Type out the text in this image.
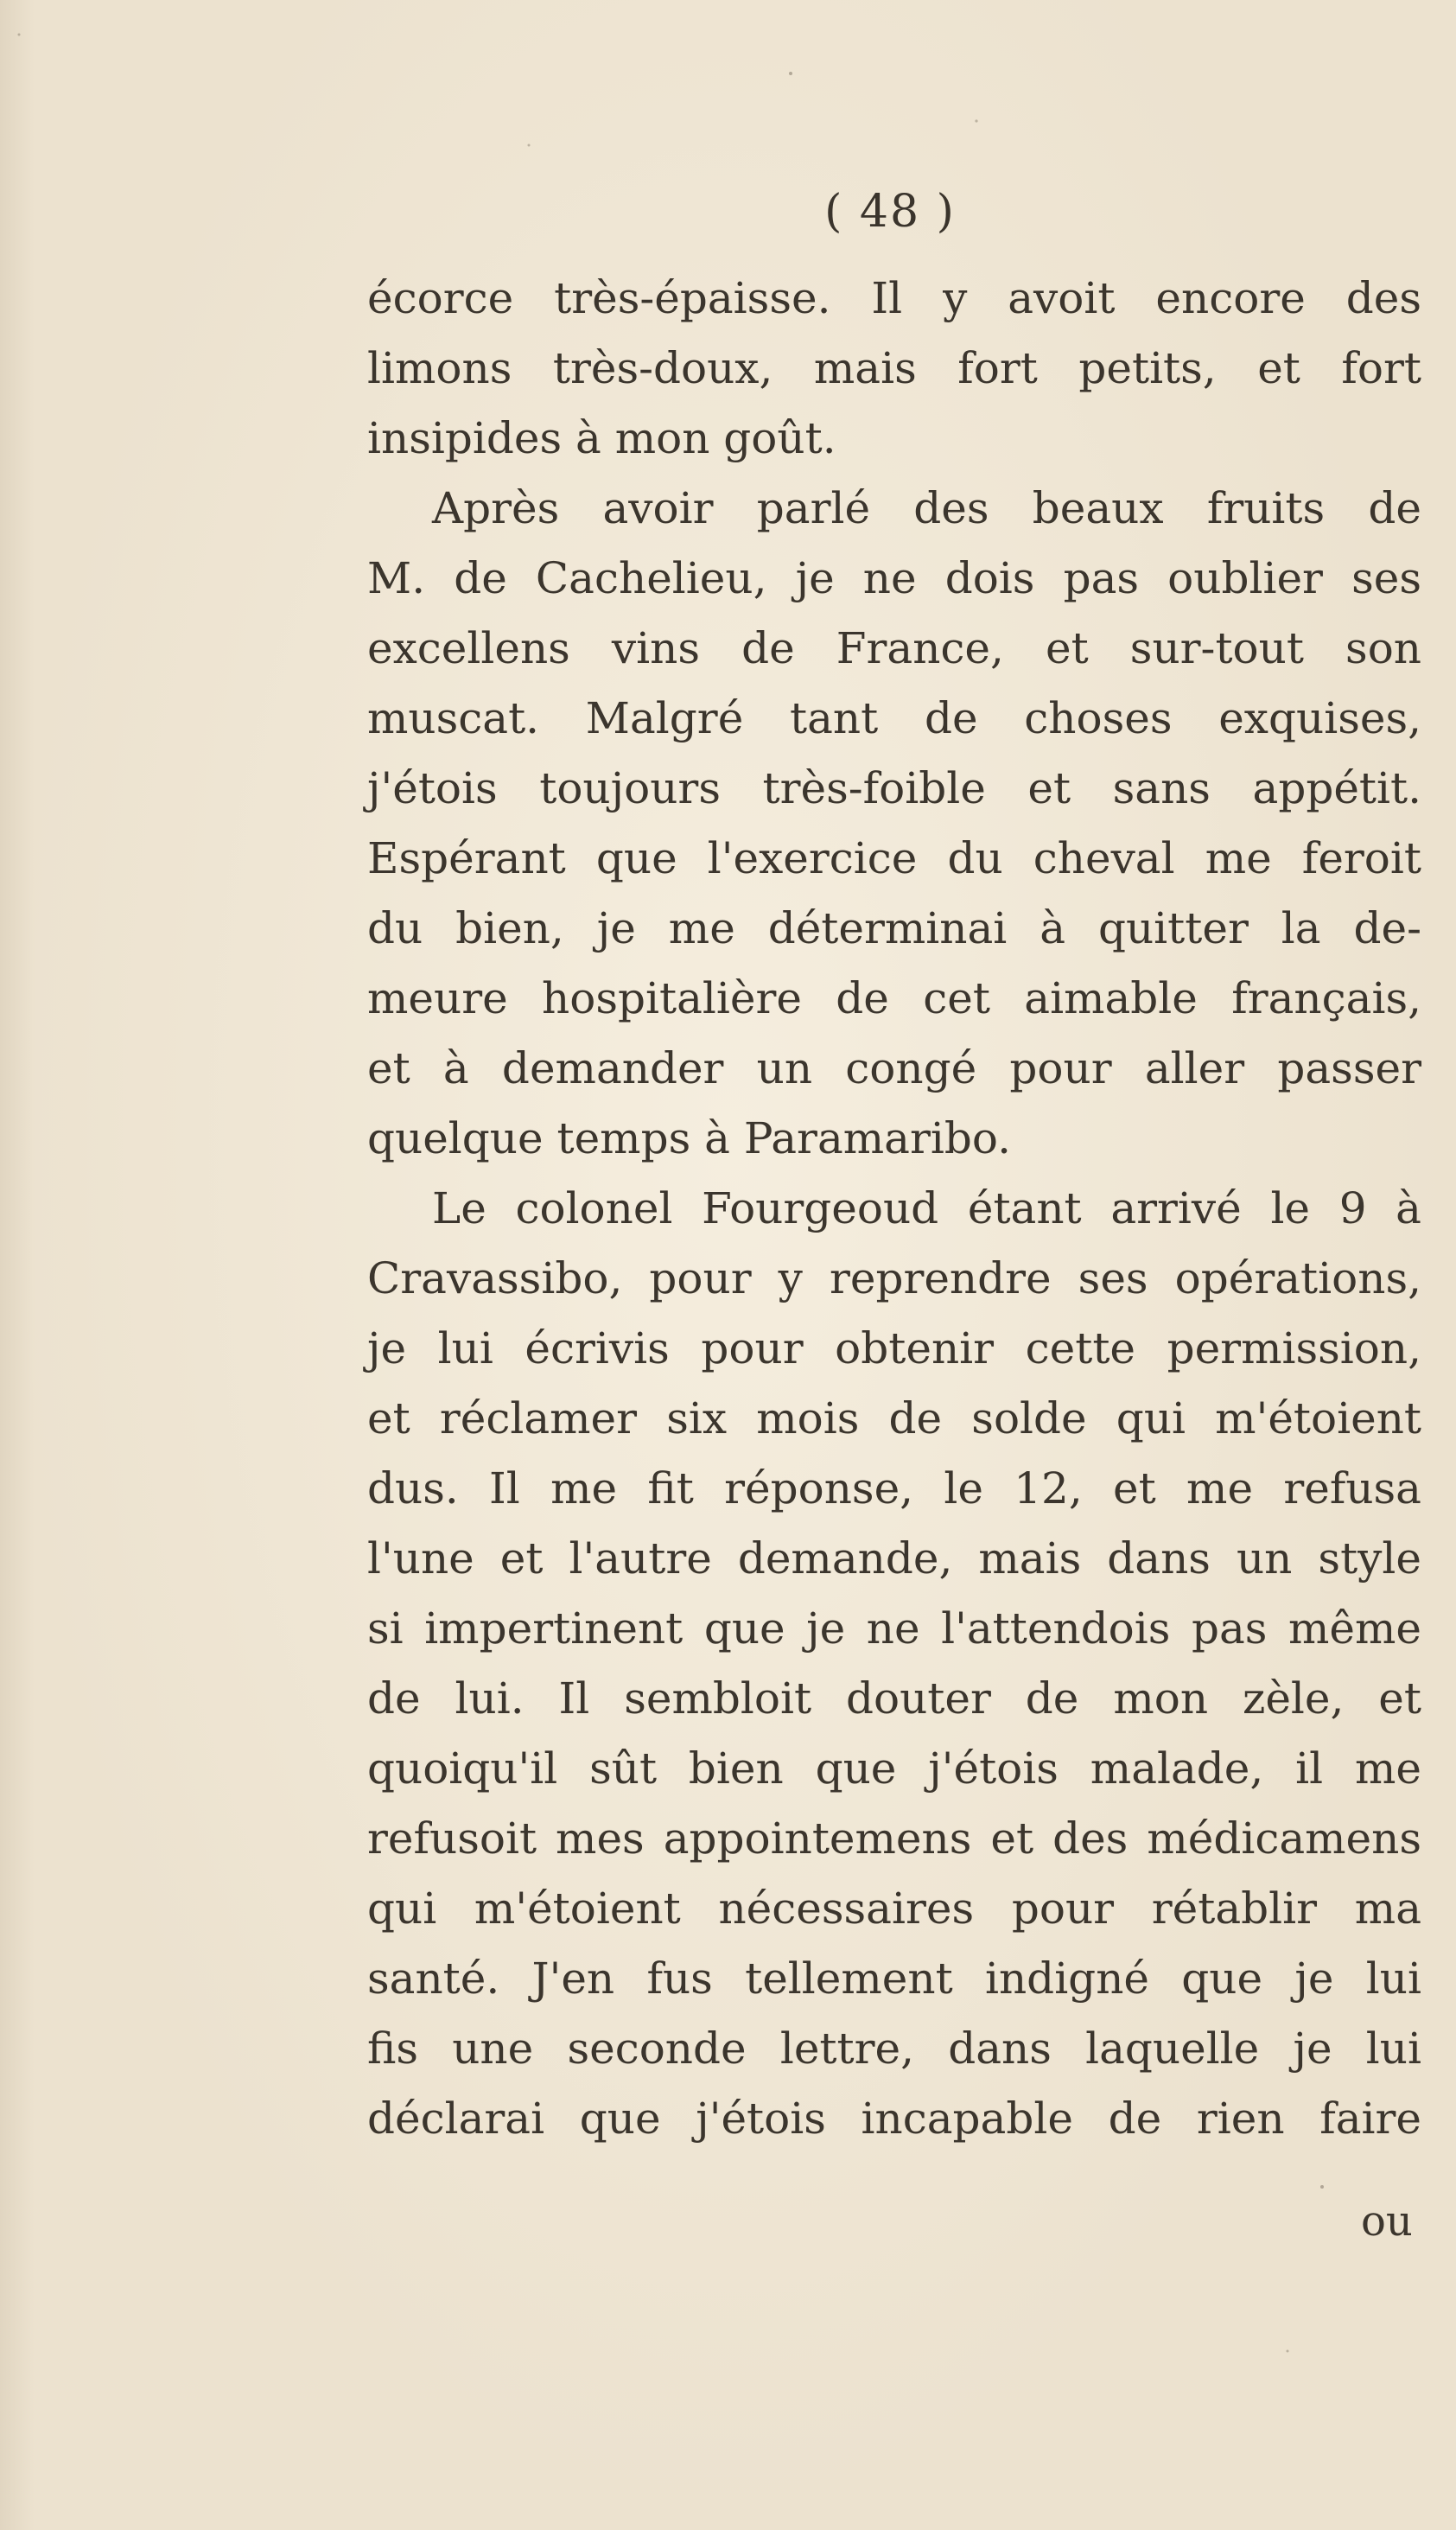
( 48 )
écorce très-épaisse. Il y avoit encore des
limons très-doux, mais fort petits, et fort
insipides à mon goût.
Après avoir parlé des beaux fruits de
M. de Cachelieu, je ne dois pas oublier ses
excellens vins de France, et sur-tout son
muscat. Malgré tant de choses exquises,
j'étois toujours très-foible et sans appétit.
Espérant que l'exercice du cheval me feroit
du bien, je me déterminai à quitter la de-
meure hospitalière de cet aimable français,
et à demander un congé pour aller passer
quelque temps à Paramaribo.
Le colonel Fourgeoud étant arrivé le 9 à
Cravassibo, pour y reprendre ses opérations,
je lui écrivis pour obtenir cette permission,
et réclamer six mois de solde qui m'étoient
dus. Il me fit réponse, le 12, et me refusa
l'une et l'autre demande, mais dans un style
si impertinent que je ne l'attendois pas même
de lui. Il sembloit douter de mon zèle, et
quoiqu'il sût bien que j'étois malade, il me
refusoit mes appointemens et des médicamens
qui m'étoient nécessaires pour rétablir ma
santé. J'en fus tellement indigné que je lui
fis une seconde lettre, dans laquelle je lui
déclarai que j'étois incapable de rien faire
ou
